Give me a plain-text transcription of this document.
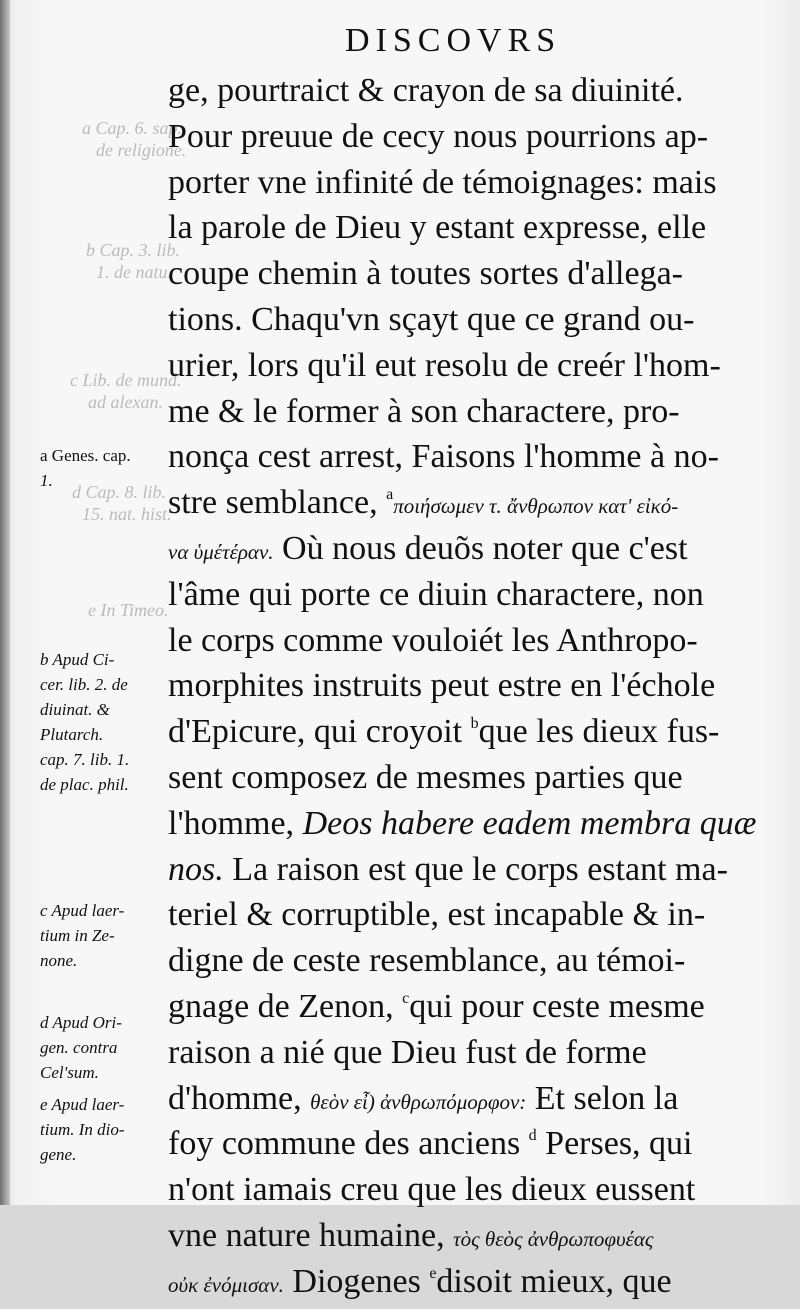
a Cap. 6. sap.
de religione.
b Cap. 3. lib.
1. de natu.
c Lib. de mund.
ad alexan.
d Cap. 8. lib.
15. nat. hist.
e In Timeo.
DISCOVRS
ge, pourtraict & crayon de sa diuinité.
Pour preuue de cecy nous pourrions ap-
porter vne infinité de témoignages: mais
la parole de Dieu y estant expresse, elle
coupe chemin à toutes sortes d'allega-
tions. Chaqu'vn sçayt que ce grand ou-
urier, lors qu'il eut resolu de creér l'hom-
me & le former à son charactere, pro-
nonça cest arrest, Faisons l'homme à no-
stre semblance, $^a$ποιήσωμεν τ. ἄνθρωπον κατ' εἰκό-
να ὑμέτέραν. Où nous deuõs noter que c'est
l'âme qui porte ce diuin charactere, non
le corps comme vouloiét les Anthropo-
morphites instruits peut estre en l'échole
d'Epicure, qui croyoit $^b$que les dieux fus-
sent composez de mesmes parties que
l'homme, Deos habere eadem membra quæ
nos. La raison est que le corps estant ma-
teriel & corruptible, est incapable & in-
digne de ceste resemblance, au témoi-
gnage de Zenon, $^c$qui pour ceste mesme
raison a nié que Dieu fust de forme
d'homme, θεὸν εἶ) ἀνθρωπόμορφον: Et selon la
foy commune des anciens $^d$ Perses, qui
n'ont iamais creu que les dieux eussent
vne nature humaine, τὸς θεὸς ἀνθρωποφυέας
οὐκ ἐνόμισαν. Diogenes $^e$disoit mieux, que
a Genes. cap.
1.
b Apud Ci-
cer. lib. 2. de
diuinat. &
Plutarch.
cap. 7. lib. 1.
de plac. phil.
c Apud laer-
tium in Ze-
none.
d Apud Ori-
gen. contra
Cel'sum.
e Apud laer-
tium. In dio-
gene.
